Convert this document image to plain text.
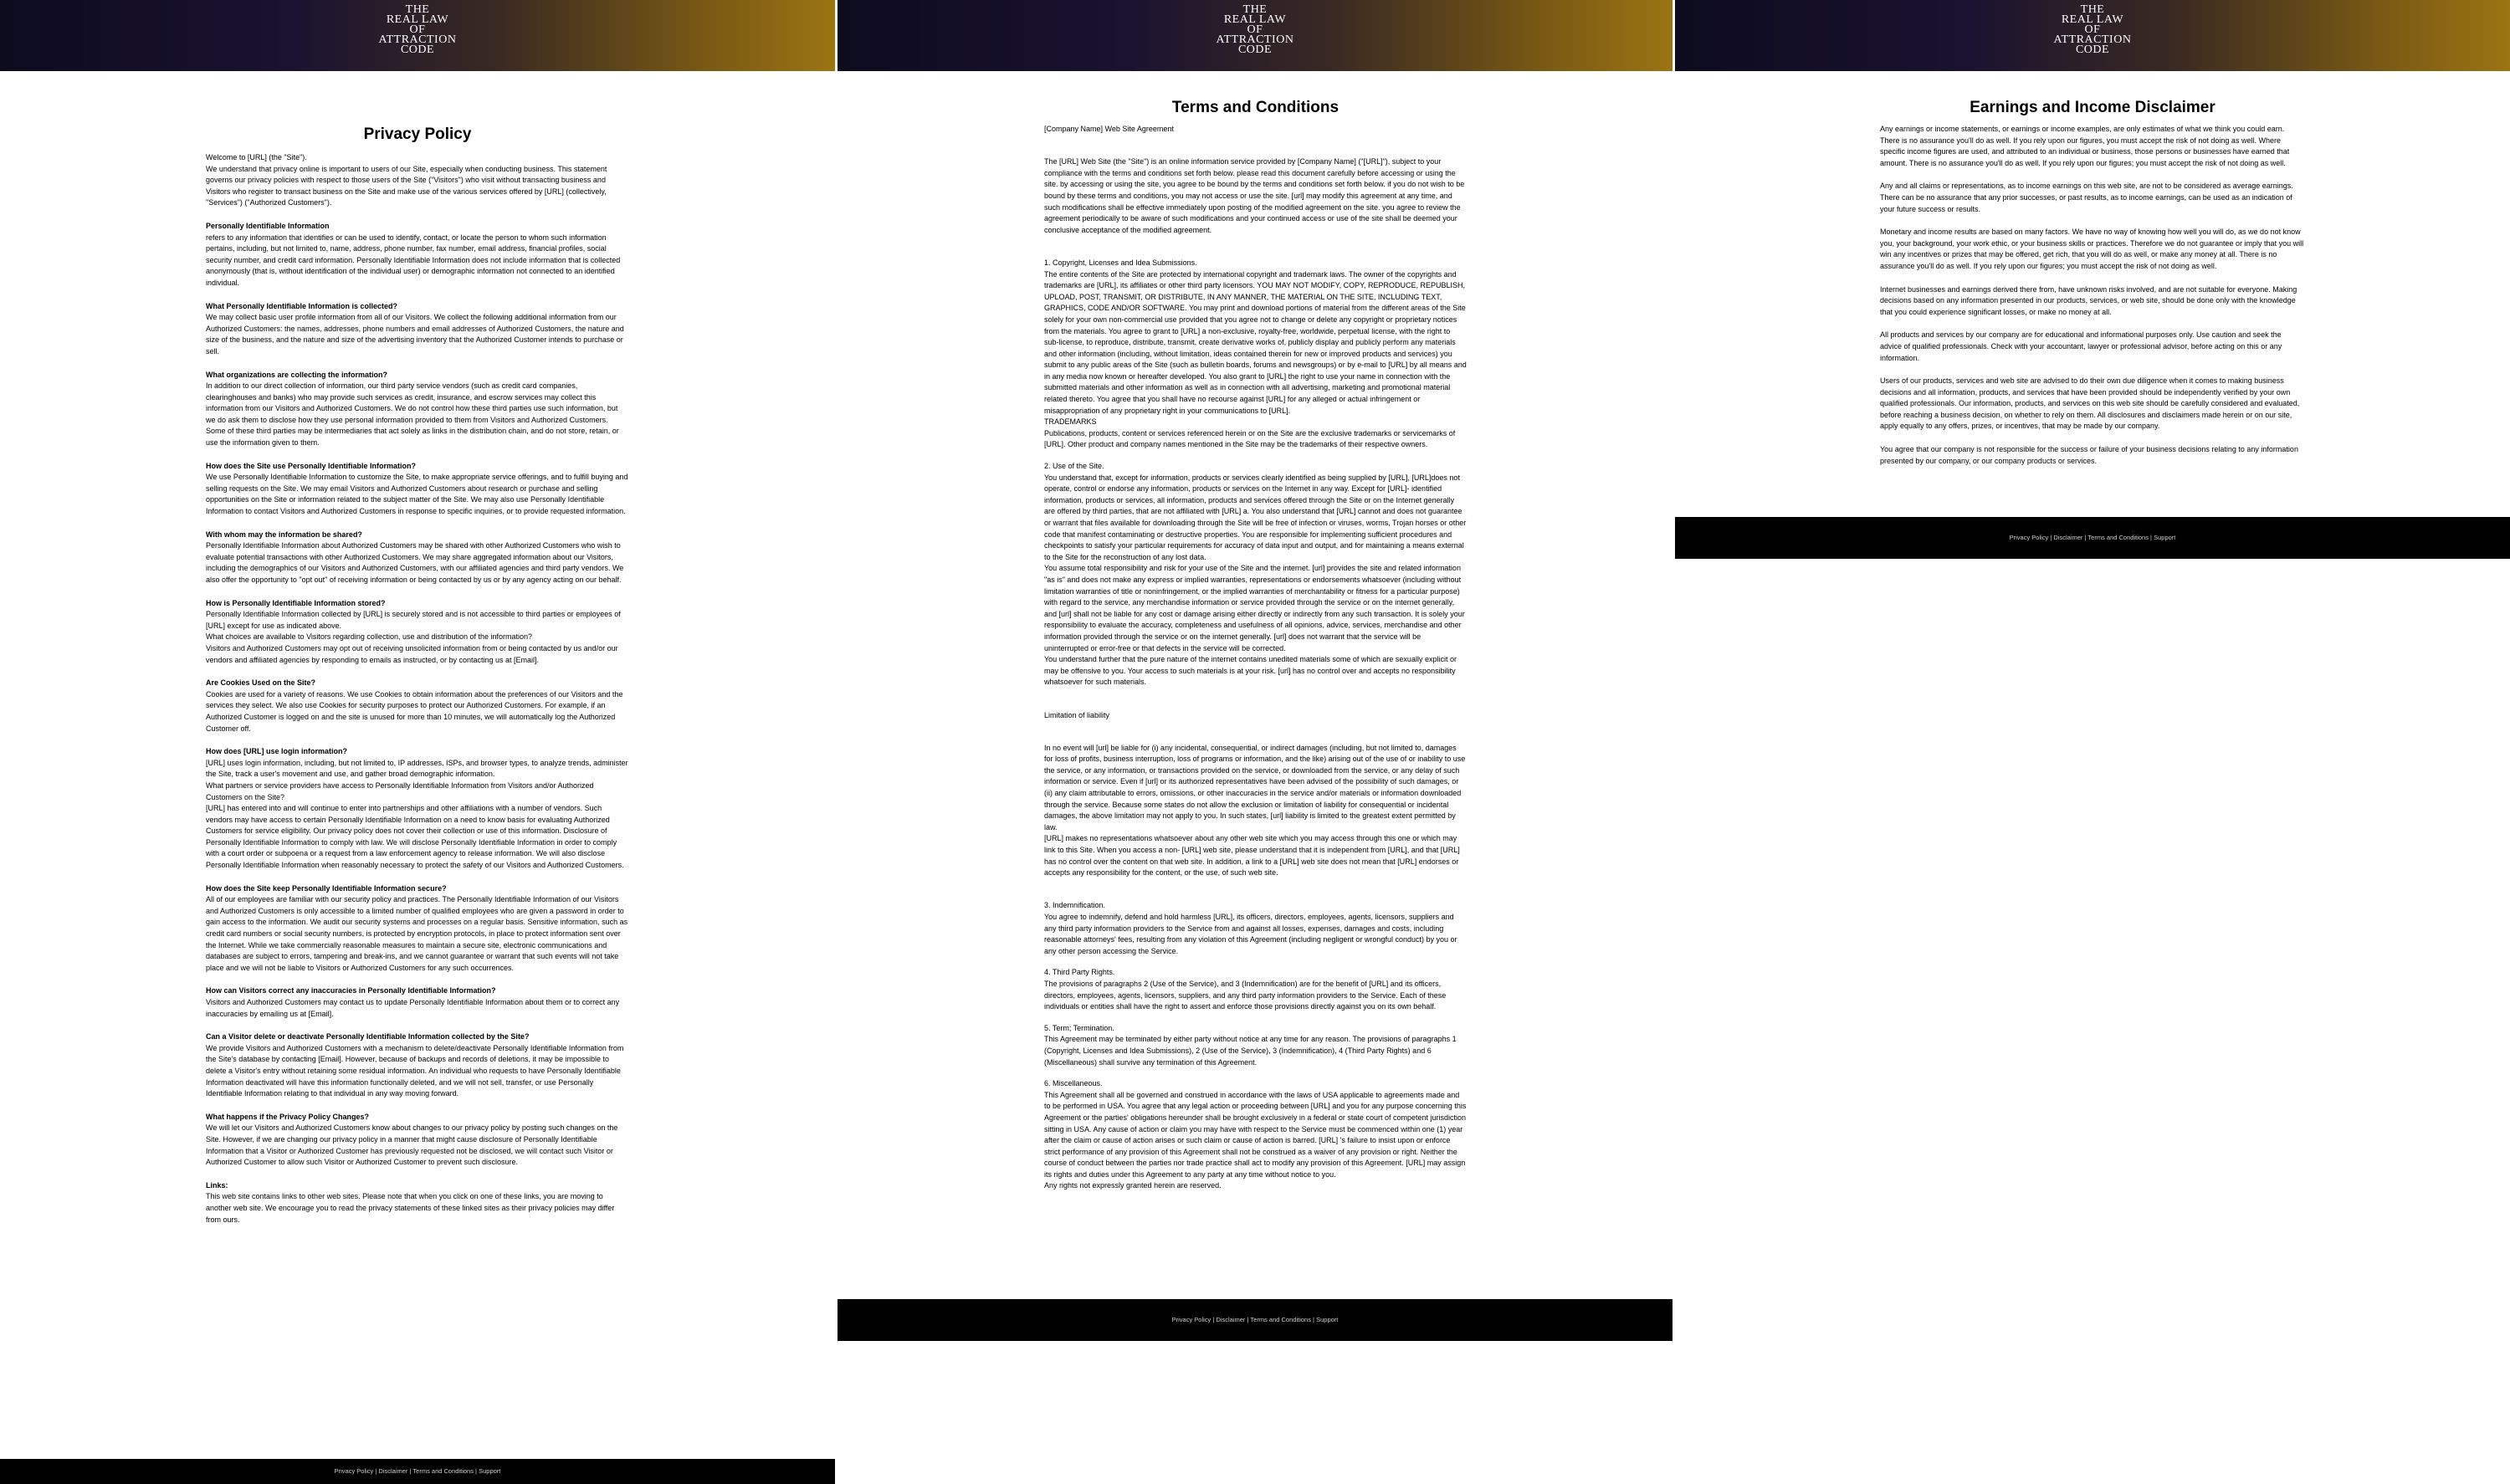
THE
REAL LAW
OF
ATTRACTION
CODE
Privacy Policy

Welcome to [URL] (the "Site").
We understand that privacy online is important to users of our Site, especially when conducting business. This statement governs our privacy policies with respect to those users of the Site ("Visitors") who visit without transacting business and Visitors who register to transact business on the Site and make use of the various services offered by [URL] (collectively, "Services") ("Authorized Customers").

Personally Identifiable Information
refers to any information that identifies or can be used to identify, contact, or locate the person to whom such information pertains, including, but not limited to, name, address, phone number, fax number, email address, financial profiles, social security number, and credit card information. Personally Identifiable Information does not include information that is collected anonymously (that is, without identification of the individual user) or demographic information not connected to an identified individual.

What Personally Identifiable Information is collected?
We may collect basic user profile information from all of our Visitors. We collect the following additional information from our Authorized Customers: the names, addresses, phone numbers and email addresses of Authorized Customers, the nature and size of the business, and the nature and size of the advertising inventory that the Authorized Customer intends to purchase or sell.

What organizations are collecting the information?
In addition to our direct collection of information, our third party service vendors (such as credit card companies, clearinghouses and banks) who may provide such services as credit, insurance, and escrow services may collect this information from our Visitors and Authorized Customers. We do not control how these third parties use such information, but we do ask them to disclose how they use personal information provided to them from Visitors and Authorized Customers. Some of these third parties may be intermediaries that act solely as links in the distribution chain, and do not store, retain, or use the information given to them.

How does the Site use Personally Identifiable Information?
We use Personally Identifiable Information to customize the Site, to make appropriate service offerings, and to fulfill buying and selling requests on the Site. We may email Visitors and Authorized Customers about research or purchase and selling opportunities on the Site or information related to the subject matter of the Site. We may also use Personally Identifiable Information to contact Visitors and Authorized Customers in response to specific inquiries, or to provide requested information.

With whom may the information be shared?
Personally Identifiable Information about Authorized Customers may be shared with other Authorized Customers who wish to evaluate potential transactions with other Authorized Customers. We may share aggregated information about our Visitors, including the demographics of our Visitors and Authorized Customers, with our affiliated agencies and third party vendors. We also offer the opportunity to "opt out" of receiving information or being contacted by us or by any agency acting on our behalf.

How is Personally Identifiable Information stored?
Personally Identifiable Information collected by [URL] is securely stored and is not accessible to third parties or employees of [URL] except for use as indicated above.
What choices are available to Visitors regarding collection, use and distribution of the information?
Visitors and Authorized Customers may opt out of receiving unsolicited information from or being contacted by us and/or our vendors and affiliated agencies by responding to emails as instructed, or by contacting us at [Email].

Are Cookies Used on the Site?
Cookies are used for a variety of reasons. We use Cookies to obtain information about the preferences of our Visitors and the services they select. We also use Cookies for security purposes to protect our Authorized Customers. For example, if an Authorized Customer is logged on and the site is unused for more than 10 minutes, we will automatically log the Authorized Customer off.

How does [URL] use login information?
[URL] uses login information, including, but not limited to, IP addresses, ISPs, and browser types, to analyze trends, administer the Site, track a user's movement and use, and gather broad demographic information.
What partners or service providers have access to Personally Identifiable Information from Visitors and/or Authorized Customers on the Site?
[URL] has entered into and will continue to enter into partnerships and other affiliations with a number of vendors. Such vendors may have access to certain Personally Identifiable Information on a need to know basis for evaluating Authorized Customers for service eligibility. Our privacy policy does not cover their collection or use of this information. Disclosure of Personally Identifiable Information to comply with law. We will disclose Personally Identifiable Information in order to comply with a court order or subpoena or a request from a law enforcement agency to release information. We will also disclose Personally Identifiable Information when reasonably necessary to protect the safety of our Visitors and Authorized Customers.

How does the Site keep Personally Identifiable Information secure?
All of our employees are familiar with our security policy and practices. The Personally Identifiable Information of our Visitors and Authorized Customers is only accessible to a limited number of qualified employees who are given a password in order to gain access to the information. We audit our security systems and processes on a regular basis. Sensitive information, such as credit card numbers or social security numbers, is protected by encryption protocols, in place to protect information sent over the Internet. While we take commercially reasonable measures to maintain a secure site, electronic communications and databases are subject to errors, tampering and break-ins, and we cannot guarantee or warrant that such events will not take place and we will not be liable to Visitors or Authorized Customers for any such occurrences.

How can Visitors correct any inaccuracies in Personally Identifiable Information?
Visitors and Authorized Customers may contact us to update Personally Identifiable Information about them or to correct any inaccuracies by emailing us at [Email].

Can a Visitor delete or deactivate Personally Identifiable Information collected by the Site?
We provide Visitors and Authorized Customers with a mechanism to delete/deactivate Personally Identifiable Information from the Site's database by contacting [Email]. However, because of backups and records of deletions, it may be impossible to delete a Visitor's entry without retaining some residual information. An individual who requests to have Personally Identifiable Information deactivated will have this information functionally deleted, and we will not sell, transfer, or use Personally Identifiable Information relating to that individual in any way moving forward.

What happens if the Privacy Policy Changes?
We will let our Visitors and Authorized Customers know about changes to our privacy policy by posting such changes on the Site. However, if we are changing our privacy policy in a manner that might cause disclosure of Personally Identifiable Information that a Visitor or Authorized Customer has previously requested not be disclosed, we will contact such Visitor or Authorized Customer to allow such Visitor or Authorized Customer to prevent such disclosure.

Links:
This web site contains links to other web sites. Please note that when you click on one of these links, you are moving to another web site. We encourage you to read the privacy statements of these linked sites as their privacy policies may differ from ours.

Privacy Policy | Disclaimer | Terms and Conditions | Support
THE
REAL LAW
OF
ATTRACTION
CODE
Terms and Conditions

[Company Name] Web Site Agreement

The [URL] Web Site (the "Site") is an online information service provided by [Company Name] ("[URL]"), subject to your compliance with the terms and conditions set forth below. please read this document carefully before accessing or using the site. by accessing or using the site, you agree to be bound by the terms and conditions set forth below. if you do not wish to be bound by these terms and conditions, you may not access or use the site. [url] may modify this agreement at any time, and such modifications shall be effective immediately upon posting of the modified agreement on the site. you agree to review the agreement periodically to be aware of such modifications and your continued access or use of the site shall be deemed your conclusive acceptance of the modified agreement.

1. Copyright, Licenses and Idea Submissions.
The entire contents of the Site are protected by international copyright and trademark laws. The owner of the copyrights and trademarks are [URL], its affiliates or other third party licensors. YOU MAY NOT MODIFY, COPY, REPRODUCE, REPUBLISH, UPLOAD, POST, TRANSMIT, OR DISTRIBUTE, IN ANY MANNER, THE MATERIAL ON THE SITE, INCLUDING TEXT, GRAPHICS, CODE AND/OR SOFTWARE. You may print and download portions of material from the different areas of the Site solely for your own non-commercial use provided that you agree not to change or delete any copyright or proprietary notices from the materials. You agree to grant to [URL] a non-exclusive, royalty-free, worldwide, perpetual license, with the right to sub-license, to reproduce, distribute, transmit, create derivative works of, publicly display and publicly perform any materials and other information (including, without limitation, ideas contained therein for new or improved products and services) you submit to any public areas of the Site (such as bulletin boards, forums and newsgroups) or by e-mail to [URL] by all means and in any media now known or hereafter developed. You also grant to [URL] the right to use your name in connection with the submitted materials and other information as well as in connection with all advertising, marketing and promotional material related thereto. You agree that you shall have no recourse against [URL] for any alleged or actual infringement or misappropriation of any proprietary right in your communications to [URL].
TRADEMARKS
Publications, products, content or services referenced herein or on the Site are the exclusive trademarks or servicemarks of [URL]. Other product and company names mentioned in the Site may be the trademarks of their respective owners.

2. Use of the Site.
You understand that, except for information, products or services clearly identified as being supplied by [URL], [URL]does not operate, control or endorse any information, products or services on the Internet in any way. Except for [URL]- identified information, products or services, all information, products and services offered through the Site or on the Internet generally are offered by third parties, that are not affiliated with [URL] a. You also understand that [URL] cannot and does not guarantee or warrant that files available for downloading through the Site will be free of infection or viruses, worms, Trojan horses or other code that manifest contaminating or destructive properties. You are responsible for implementing sufficient procedures and checkpoints to satisfy your particular requirements for accuracy of data input and output, and for maintaining a means external to the Site for the reconstruction of any lost data.
You assume total responsibility and risk for your use of the Site and the internet. [url] provides the site and related information "as is" and does not make any express or implied warranties, representations or endorsements whatsoever (including without limitation warranties of title or noninfringement, or the implied warranties of merchantability or fitness for a particular purpose) with regard to the service, any merchandise information or service provided through the service or on the internet generally, and [url] shall not be liable for any cost or damage arising either directly or indirectly from any such transaction. It is solely your responsibility to evaluate the accuracy, completeness and usefulness of all opinions, advice, services, merchandise and other information provided through the service or on the internet generally. [url] does not warrant that the service will be uninterrupted or error-free or that defects in the service will be corrected.
You understand further that the pure nature of the internet contains unedited materials some of which are sexually explicit or may be offensive to you. Your access to such materials is at your risk. [url] has no control over and accepts no responsibility whatsoever for such materials.

Limitation of liability

In no event will [url] be liable for (i) any incidental, consequential, or indirect damages (including, but not limited to, damages for loss of profits, business interruption, loss of programs or information, and the like) arising out of the use of or inability to use the service, or any information, or transactions provided on the service, or downloaded from the service, or any delay of such information or service. Even if [url] or its authorized representatives have been advised of the possibility of such damages, or (ii) any claim attributable to errors, omissions, or other inaccuracies in the service and/or materials or information downloaded through the service. Because some states do not allow the exclusion or limitation of liability for consequential or incidental damages, the above limitation may not apply to you. In such states, [url] liability is limited to the greatest extent permitted by law.
[URL] makes no representations whatsoever about any other web site which you may access through this one or which may link to this Site. When you access a non- [URL] web site, please understand that it is independent from [URL], and that [URL] has no control over the content on that web site. In addition, a link to a [URL] web site does not mean that [URL] endorses or accepts any responsibility for the content, or the use, of such web site.

3. Indemnification.
You agree to indemnify, defend and hold harmless [URL], its officers, directors, employees, agents, licensors, suppliers and any third party information providers to the Service from and against all losses, expenses, damages and costs, including reasonable attorneys' fees, resulting from any violation of this Agreement (including negligent or wrongful conduct) by you or any other person accessing the Service.

4. Third Party Rights.
The provisions of paragraphs 2 (Use of the Service), and 3 (Indemnification) are for the benefit of [URL] and its officers, directors, employees, agents, licensors, suppliers, and any third party information providers to the Service. Each of these individuals or entities shall have the right to assert and enforce those provisions directly against you on its own behalf.

5. Term; Termination.
This Agreement may be terminated by either party without notice at any time for any reason. The provisions of paragraphs 1 (Copyright, Licenses and Idea Submissions), 2 (Use of the Service), 3 (Indemnification), 4 (Third Party Rights) and 6 (Miscellaneous) shall survive any termination of this Agreement.

6. Miscellaneous.
This Agreement shall all be governed and construed in accordance with the laws of USA applicable to agreements made and to be performed in USA. You agree that any legal action or proceeding between [URL] and you for any purpose concerning this Agreement or the parties' obligations hereunder shall be brought exclusively in a federal or state court of competent jurisdiction sitting in USA. Any cause of action or claim you may have with respect to the Service must be commenced within one (1) year after the claim or cause of action arises or such claim or cause of action is barred. [URL] 's failure to insist upon or enforce strict performance of any provision of this Agreement shall not be construed as a waiver of any provision or right. Neither the course of conduct between the parties nor trade practice shall act to modify any provision of this Agreement. [URL] may assign its rights and duties under this Agreement to any party at any time without notice to you.
Any rights not expressly granted herein are reserved.

Privacy Policy | Disclaimer | Terms and Conditions | Support
THE
REAL LAW
OF
ATTRACTION
CODE
Earnings and Income Disclaimer

Any earnings or income statements, or earnings or income examples, are only estimates of what we think you could earn. There is no assurance you'll do as well. If you rely upon our figures, you must accept the risk of not doing as well. Where specific income figures are used, and attributed to an individual or business, those persons or businesses have earned that amount. There is no assurance you'll do as well. If you rely upon our figures; you must accept the risk of not doing as well.

Any and all claims or representations, as to income earnings on this web site, are not to be considered as average earnings. There can be no assurance that any prior successes, or past results, as to income earnings, can be used as an indication of your future success or results.

Monetary and income results are based on many factors. We have no way of knowing how well you will do, as we do not know you, your background, your work ethic, or your business skills or practices. Therefore we do not guarantee or imply that you will win any incentives or prizes that may be offered, get rich, that you will do as well, or make any money at all. There is no assurance you'll do as well. If you rely upon our figures; you must accept the risk of not doing as well.

Internet businesses and earnings derived there from, have unknown risks involved, and are not suitable for everyone. Making decisions based on any information presented in our products, services, or web site, should be done only with the knowledge that you could experience significant losses, or make no money at all.

All products and services by our company are for educational and informational purposes only. Use caution and seek the advice of qualified professionals. Check with your accountant, lawyer or professional advisor, before acting on this or any information.

Users of our products, services and web site are advised to do their own due diligence when it comes to making business decisions and all information, products, and services that have been provided should be independently verified by your own qualified professionals. Our information, products, and services on this web site should be carefully considered and evaluated, before reaching a business decision, on whether to rely on them. All disclosures and disclaimers made herein or on our site, apply equally to any offers, prizes, or incentives, that may be made by our company.

You agree that our company is not responsible for the success or failure of your business decisions relating to any information presented by our company, or our company products or services.

Privacy Policy | Disclaimer | Terms and Conditions | Support
